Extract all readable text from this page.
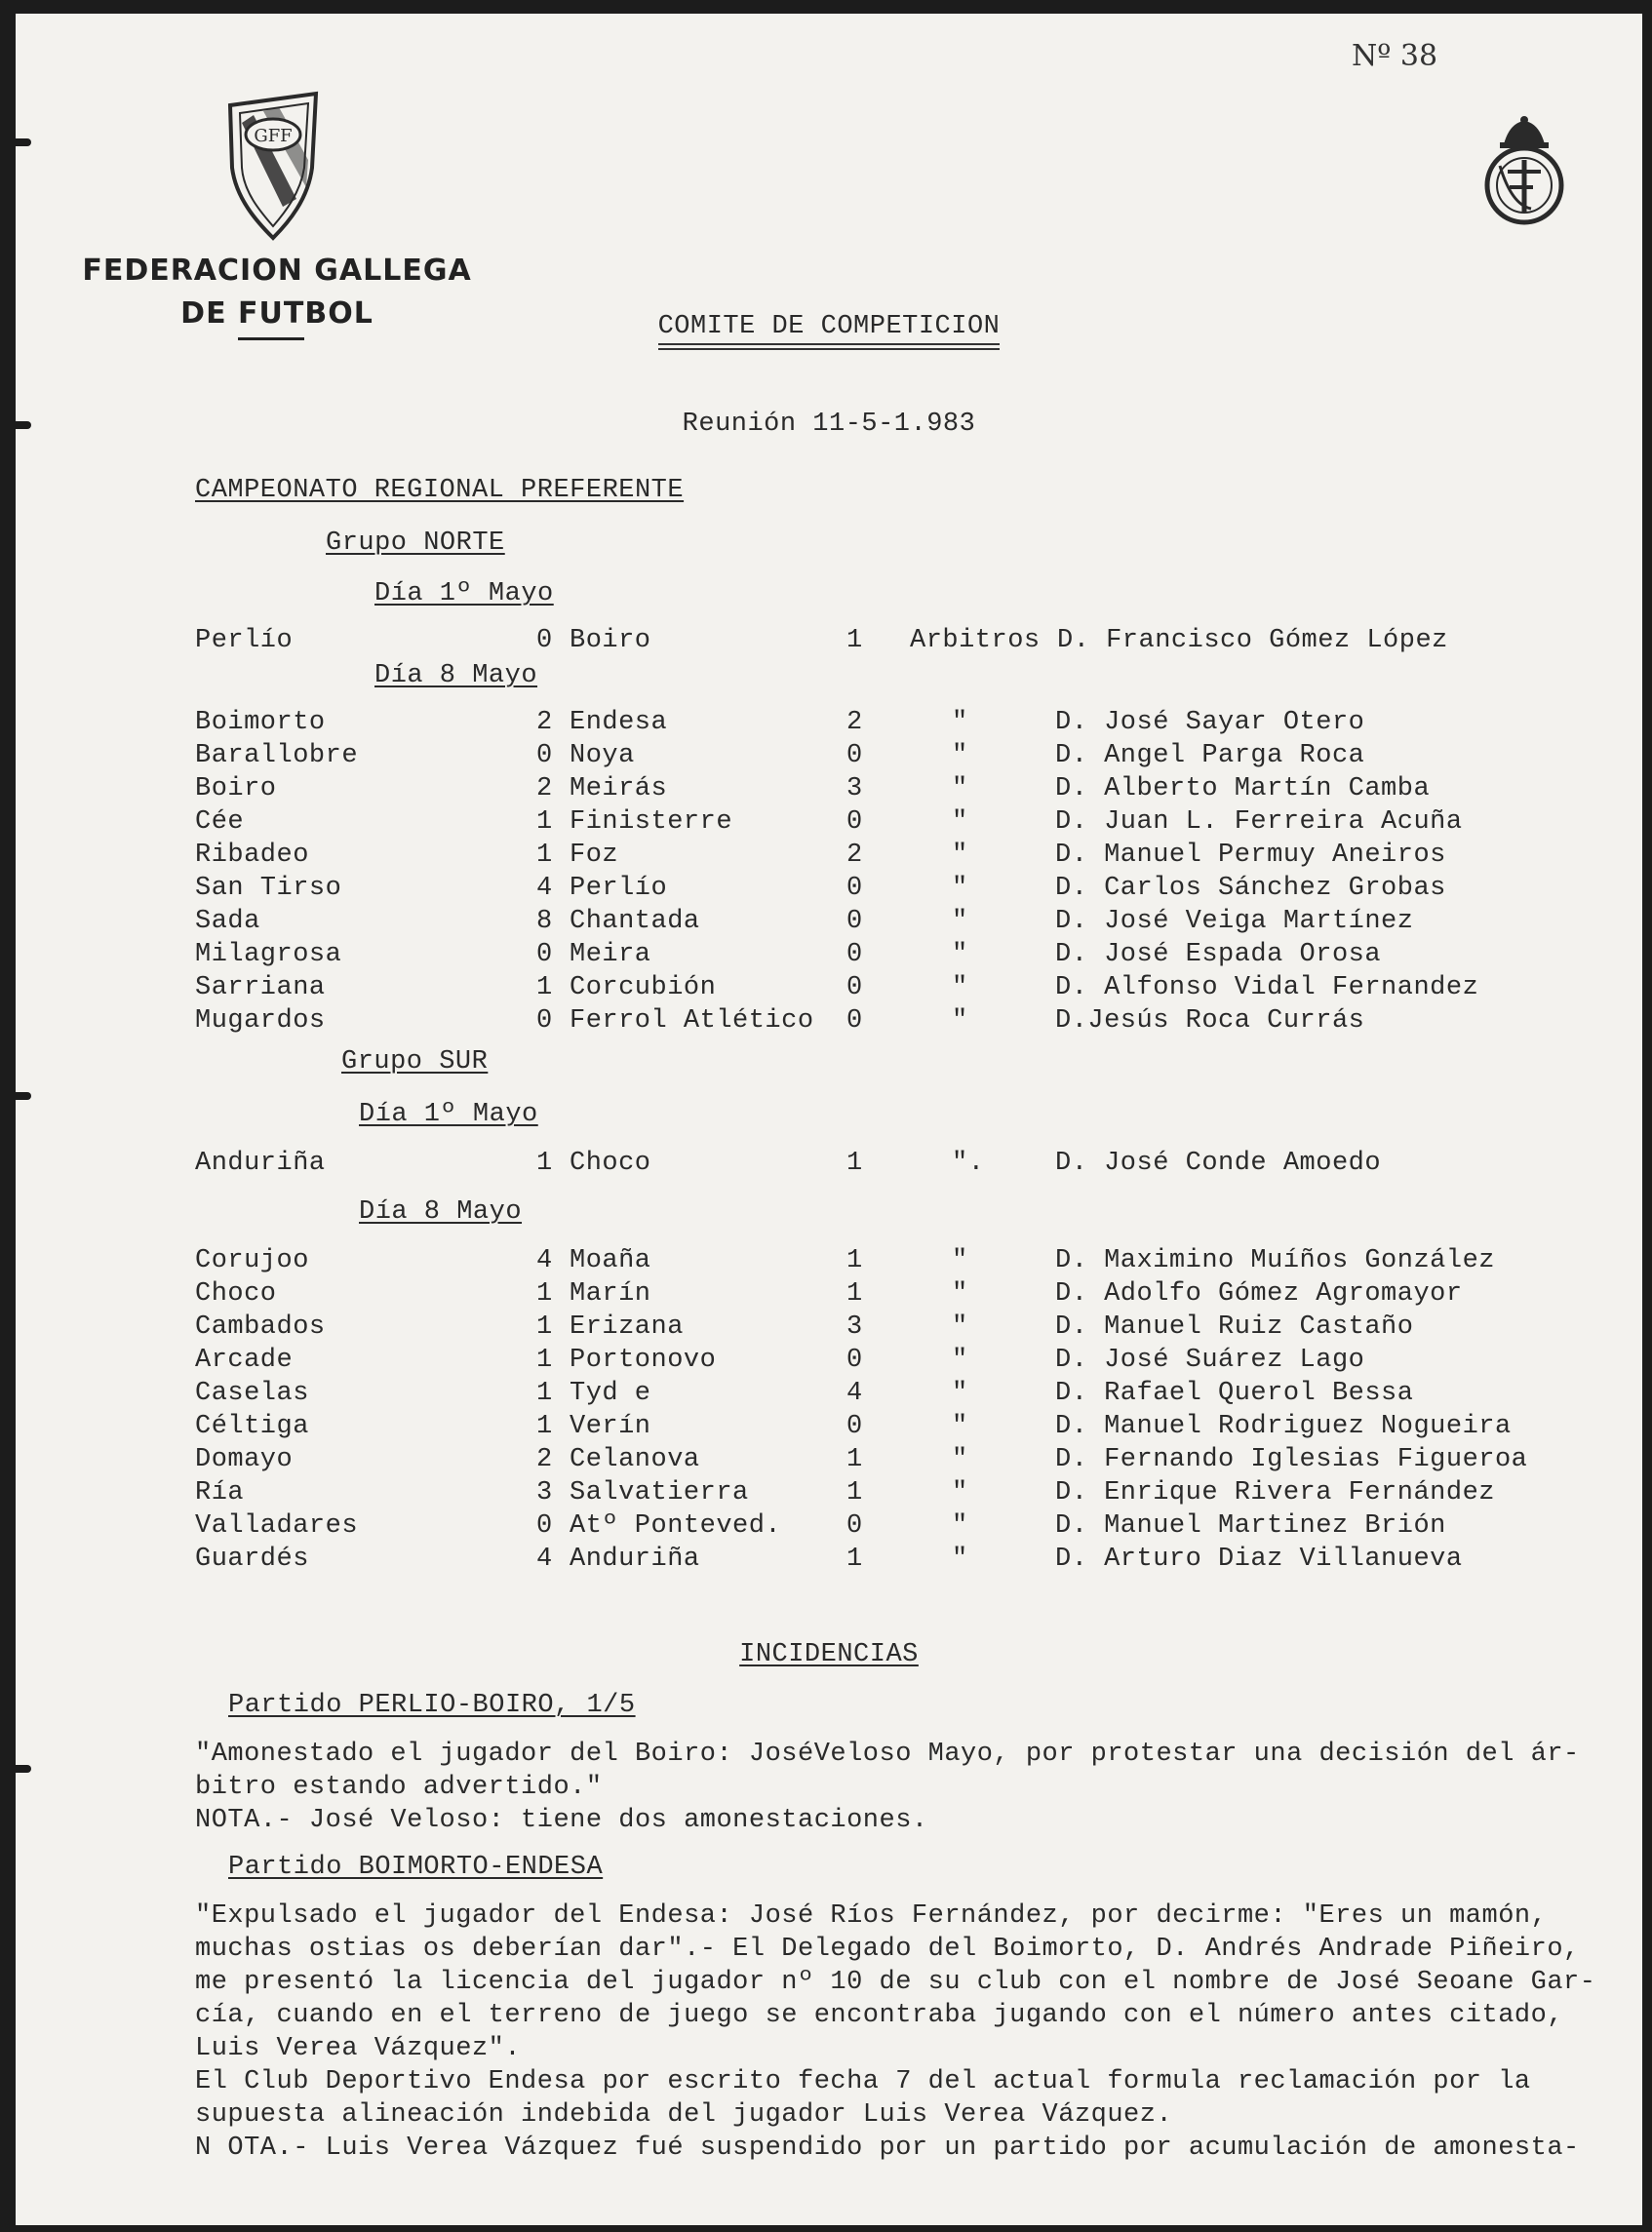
Nº 38
GFF
FEDERACION GALLEGA
DE FUTBOL	COMITE DE COMPETICION
Reunión 11-5-1.983
CAMPEONATO REGIONAL PREFERENTE
Grupo NORTE
Día 1º Mayo
Perlío	0 Boiro	1 Arbitros D. Francisco Gómez López
Día 8 Mayo
Boimorto	2 Endesa	2	"	D. José Sayar Otero
Barallobre	0 Noya	0	"	D. Angel Parga Roca
Boiro	2 Meirás	3	"	D. Alberto Martín Camba
Cée	1 Finisterre	0	"	D. Juan L. Ferreira Acuña
Ribadeo	1 Foz	2	"	D. Manuel Permuy Aneiros
San Tirso	4 Perlío	0	"	D. Carlos Sánchez Grobas
Sada	8 Chantada	0	"	D. José Veiga Martínez
Milagrosa	0 Meira	0	"	D. José Espada Orosa
Sarriana	1 Corcubión	0	"	D. Alfonso Vidal Fernandez
Mugardos	0 Ferrol Atlético 0	"	D.Jesús Roca Currás
Grupo SUR
Día 1º Mayo
Anduriña	1 Choco	1	".	D. José Conde Amoedo
Día 8 Mayo
Corujoo	4 Moaña	1	"	D. Maximino Muíños González
Choco	1 Marín	1	"	D. Adolfo Gómez Agromayor
Cambados	1 Erizana	3	"	D. Manuel Ruiz Castaño
Arcade	1 Portonovo	0	"	D. José Suárez Lago
Caselas	1 Tyd e	4	"	D. Rafael Querol Bessa
Céltiga	1 Verín	0	"	D. Manuel Rodriguez Nogueira
Domayo	2 Celanova	1	"	D. Fernando Iglesias Figueroa
Ría	3 Salvatierra	1	"	D. Enrique Rivera Fernández
Valladares	0 Atº Ponteved. 0	"	D. Manuel Martinez Brión
Guardés	4 Anduriña	1	"	D. Arturo Diaz Villanueva
INCIDENCIAS
Partido PERLIO-BOIRO, 1/5

"Amonestado el jugador del Boiro: JoséVeloso Mayo, por protestar una decisión del ár-

bitro estando advertido."

NOTA.- José Veloso: tiene dos amonestaciones.

Partido BOIMORTO-ENDESA

"Expulsado el jugador del Endesa: José Ríos Fernández, por decirme: "Eres un mamón,

muchas ostias os deberían dar".- El Delegado del Boimorto, D. Andrés Andrade Piñeiro,

me presentó la licencia del jugador nº 10 de su club con el nombre de José Seoane Gar-

cía, cuando en el terreno de juego se encontraba jugando con el número antes citado,

Luis Verea Vázquez".

El Club Deportivo Endesa por escrito fecha 7 del actual formula reclamación por la

supuesta alineación indebida del jugador Luis Verea Vázquez.

N OTA.- Luis Verea Vázquez fué suspendido por un partido por acumulación de amonesta-
